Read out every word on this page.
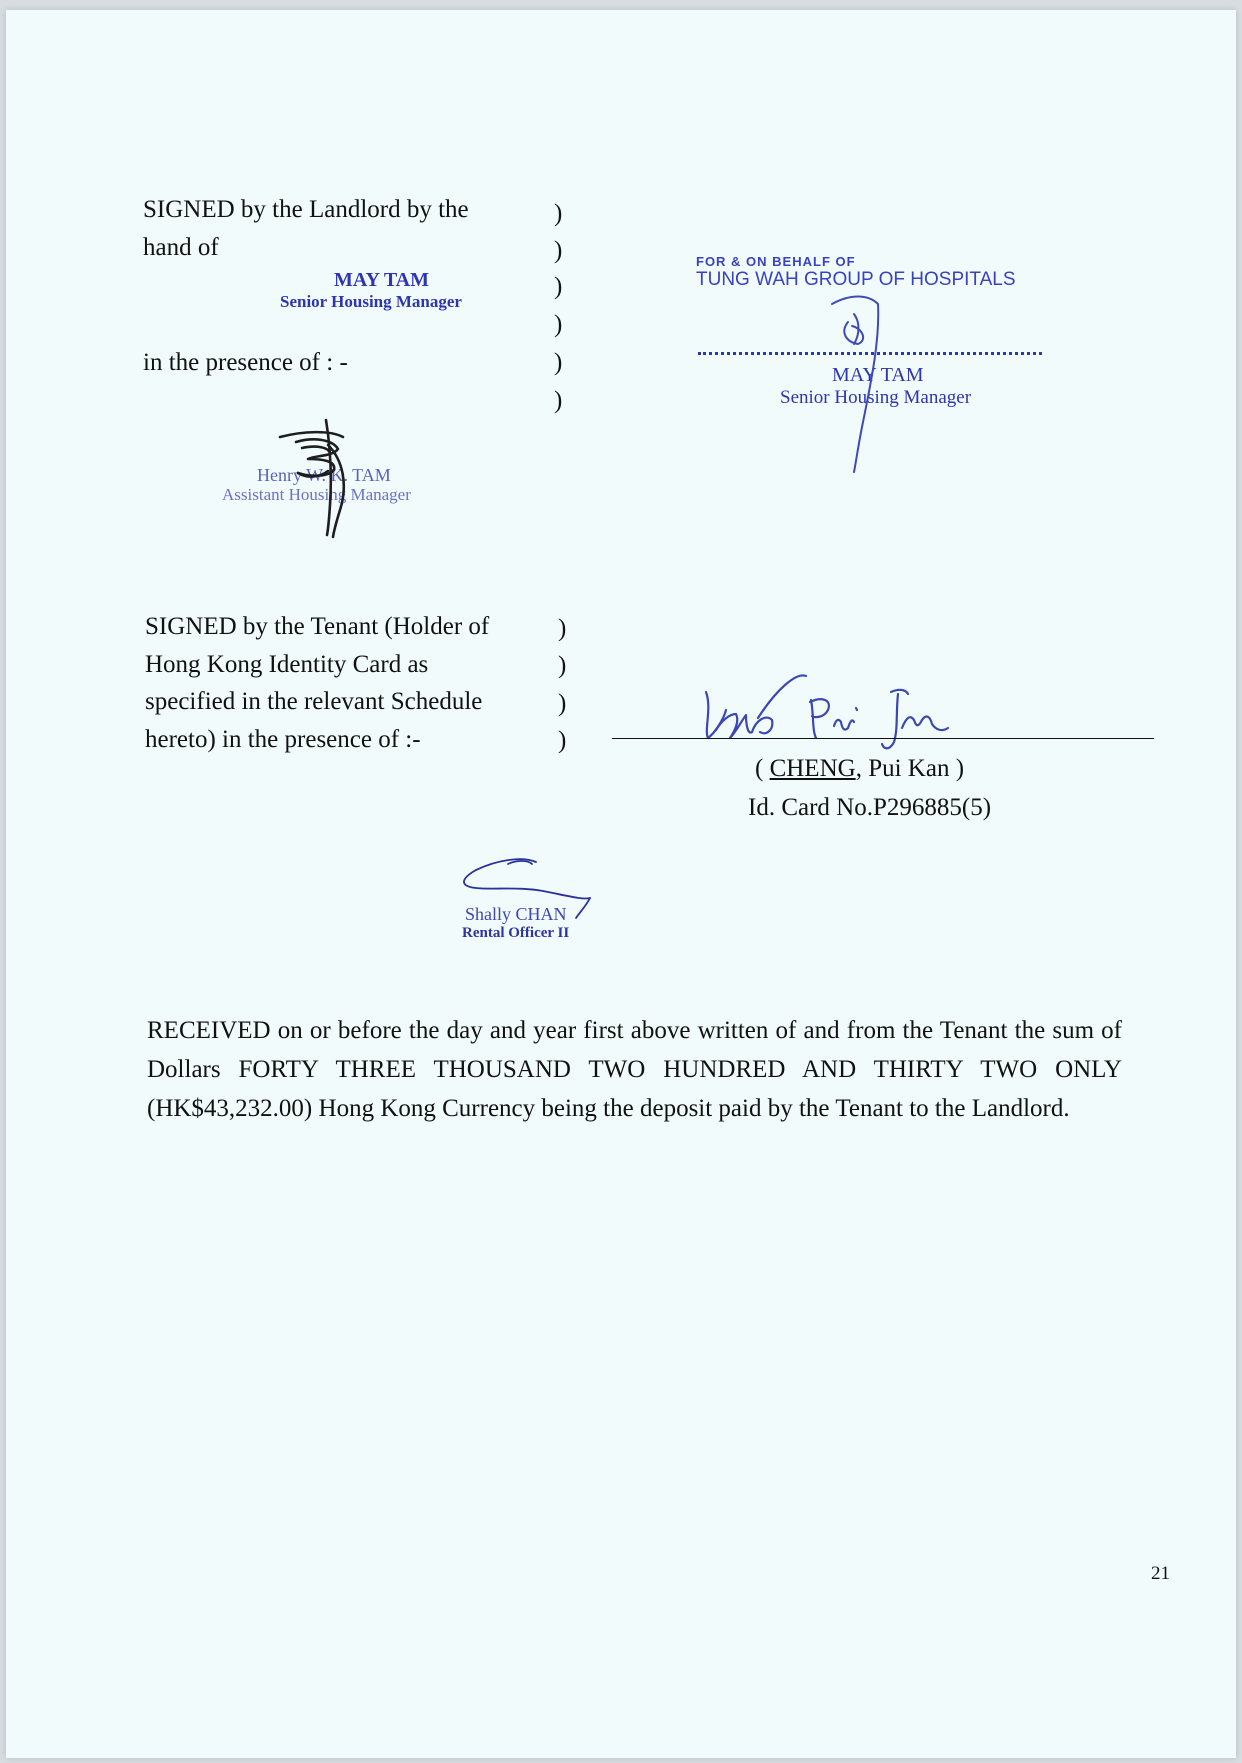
SIGNED by the Landlord by the
hand of
MAY TAM
Senior Housing Manager
in the presence of : -
)
)
)
)
)
)
Henry W. K. TAM
Assistant Housing Manager
FOR & ON BEHALF OF
TUNG WAH GROUP OF HOSPITALS
MAY TAM
Senior Housing Manager
SIGNED by the Tenant (Holder of
Hong Kong Identity Card as
specified in the relevant Schedule
hereto) in the presence of :-
)
)
)
)
( CHENG, Pui Kan )
Id. Card No.P296885(5)
Shally CHAN
Rental Officer II
RECEIVED on or before the day and year first above written of and from the Tenant the sum of Dollars FORTY THREE THOUSAND TWO HUNDRED AND THIRTY TWO ONLY (HK$43,232.00) Hong Kong Currency being the deposit paid by the Tenant to the Landlord.
21
